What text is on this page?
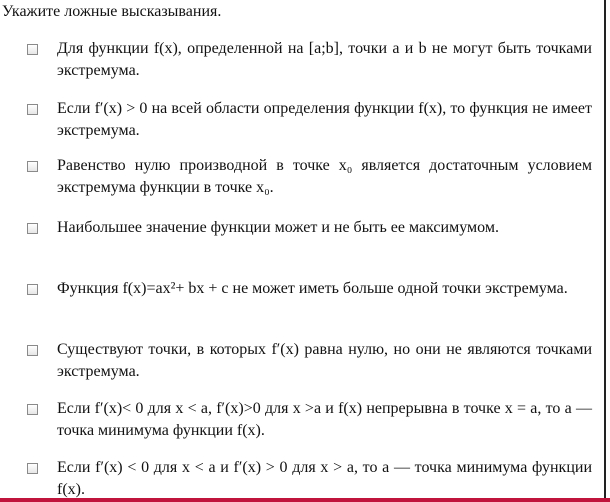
Укажите ложные высказывания.
Для функции f(x), определенной на [a;b], точки a и b не могут быть точками экстремума.
Если f′(x) > 0 на всей области определения функции f(x), то функция не имеет экстремума.
Равенство нулю производной в точке x₀ является достаточным условием экстремума функции в точке x₀.
Наибольшее значение функции может и не быть ее максимумом.
Функция f(x)=ax²+ bx + c не может иметь больше одной точки экстремума.
Существуют точки, в которых f′(x) равна нулю, но они не являются точками экстремума.
Если f′(x)< 0 для x < a, f′(x)>0 для x >a и f(x) непрерывна в точке x = a, то a — точка минимума функции f(x).
Если f′(x) < 0 для x < a и f′(x) > 0 для x > a, то a — точка минимума функции f(x).
